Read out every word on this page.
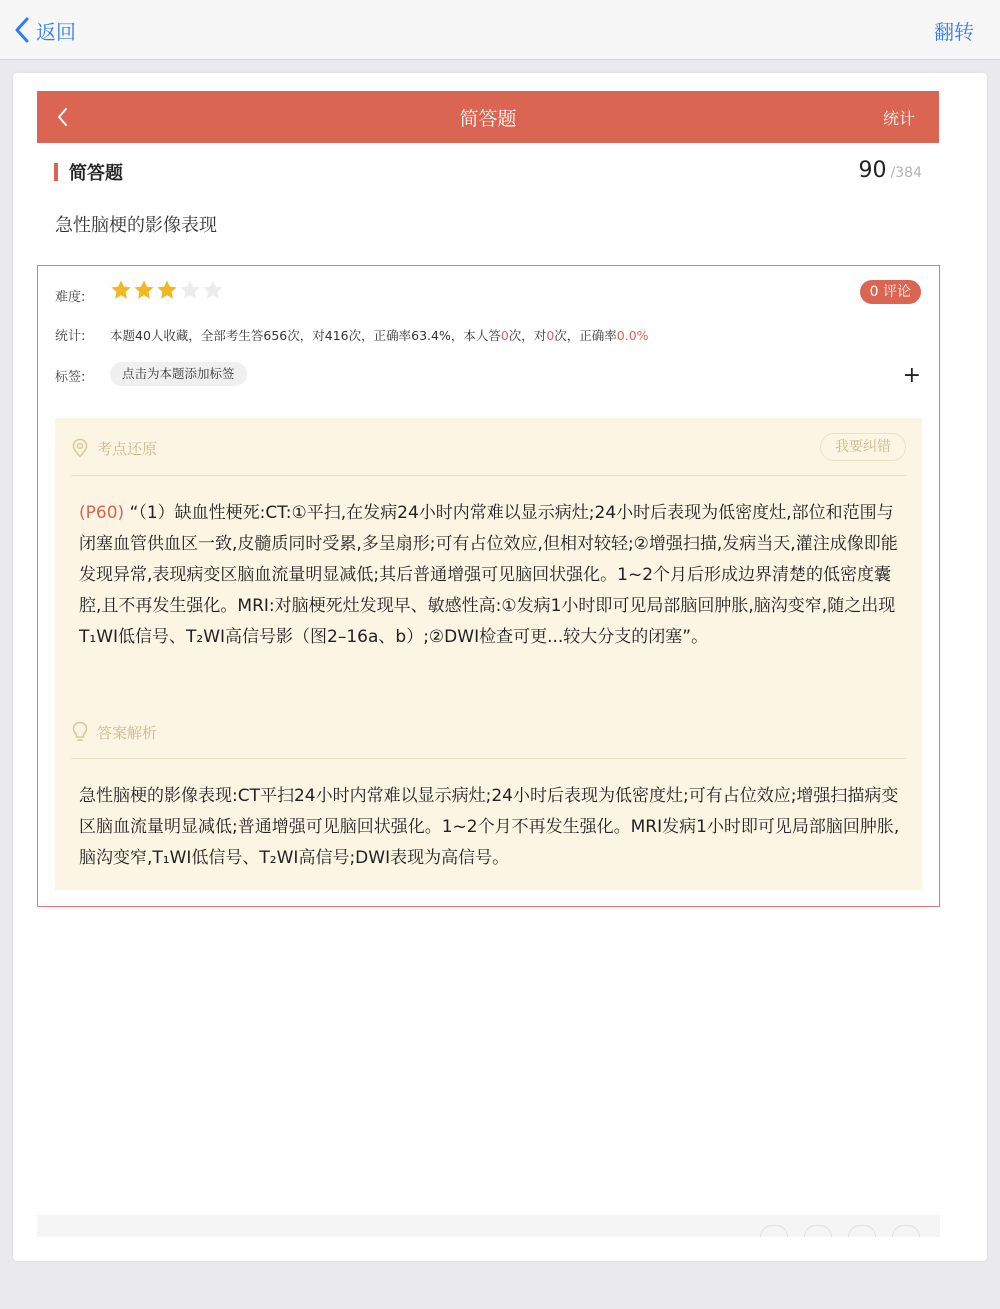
返回	翻转
简答题	统计
简答题	90 /384
急性脑梗的影像表现
难度:	0 评论
统计: 本题40人收藏，全部考生答656次，对416次，正确率63.4%，本人答0次，对0次，正确率0.0%
标签:	点击为本题添加标签	+
考点还原	我要纠错
(P60) “（1）缺血性梗死:CT:①平扫,在发病24小时内常难以显示病灶;24小时后表现为低密度灶,部位和范围与闭塞血管供血区一致,皮髓质同时受累,多呈扇形;可有占位效应,但相对较轻;②增强扫描,发病当天,灌注成像即能发现异常,表现病变区脑血流量明显减低;其后普通增强可见脑回状强化。1~2个月后形成边界清楚的低密度囊腔,且不再发生强化。MRI:对脑梗死灶发现早、敏感性高:①发病1小时即可见局部脑回肿胀,脑沟变窄,随之出现T₁WI低信号、T₂WI高信号影（图2–16a、b）;②DWI检查可更...较大分支的闭塞”。
答案解析
急性脑梗的影像表现:CT平扫24小时内常难以显示病灶;24小时后表现为低密度灶;可有占位效应;增强扫描病变区脑血流量明显减低;普通增强可见脑回状强化。1~2个月不再发生强化。MRI发病1小时即可见局部脑回肿胀,脑沟变窄,T₁WI低信号、T₂WI高信号;DWI表现为高信号。
